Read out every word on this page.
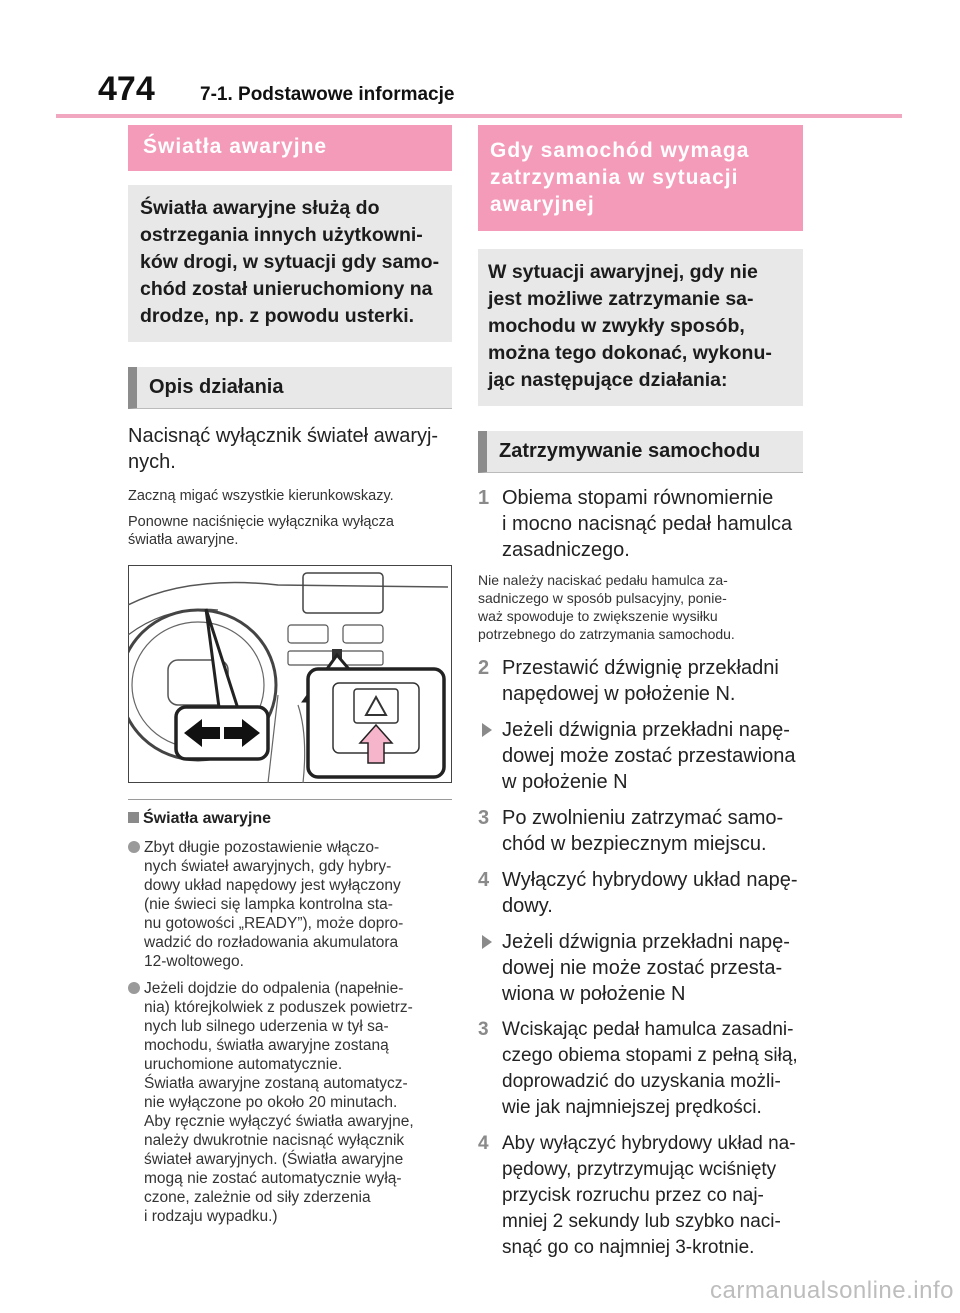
474 7-1. Podstawowe informacje
Światła awaryjne
Światła awaryjne służą do
ostrzegania innych użytkowni-
ków drogi, w sytuacji gdy samo-
chód został unieruchomiony na
drodze, np. z powodu usterki.
Opis działania
Nacisnąć wyłącznik świateł awaryj-
nych.
Zaczną migać wszystkie kierunkowskazy.
Ponowne naciśnięcie wyłącznika wyłącza
światła awaryjne.
Światła awaryjne
Zbyt długie pozostawienie włączo-
nych świateł awaryjnych, gdy hybry-
dowy układ napędowy jest wyłączony
(nie świeci się lampka kontrolna sta-
nu gotowości „READY”), może dopro-
wadzić do rozładowania akumulatora
12-woltowego.
Jeżeli dojdzie do odpalenia (napełnie-
nia) którejkolwiek z poduszek powietrz-
nych lub silnego uderzenia w tył sa-
mochodu, światła awaryjne zostaną
uruchomione automatycznie.
Światła awaryjne zostaną automatycz-
nie wyłączone po około 20 minutach.
Aby ręcznie wyłączyć światła awaryjne,
należy dwukrotnie nacisnąć wyłącznik
świateł awaryjnych. (Światła awaryjne
mogą nie zostać automatycznie wyłą-
czone, zależnie od siły zderzenia
i rodzaju wypadku.)
Gdy samochód wymaga
zatrzymania w sytuacji
awaryjnej
W sytuacji awaryjnej, gdy nie
jest możliwe zatrzymanie sa-
mochodu w zwykły sposób,
można tego dokonać, wykonu-
jąc następujące działania:
Zatrzymywanie samochodu
1 Obiema stopami równomiernie
i mocno nacisnąć pedał hamulca
zasadniczego.
Nie należy naciskać pedału hamulca za-
sadniczego w sposób pulsacyjny, ponie-
waż spowoduje to zwiększenie wysiłku
potrzebnego do zatrzymania samochodu.
2 Przestawić dźwignię przekładni
napędowej w położenie N.
Jeżeli dźwignia przekładni napę-
dowej może zostać przestawiona
w położenie N
3 Po zwolnieniu zatrzymać samo-
chód w bezpiecznym miejscu.
4 Wyłączyć hybrydowy układ napę-
dowy.
Jeżeli dźwignia przekładni napę-
dowej nie może zostać przesta-
wiona w położenie N
3 Wciskając pedał hamulca zasadni-
czego obiema stopami z pełną siłą,
doprowadzić do uzyskania możli-
wie jak najmniejszej prędkości.
4 Aby wyłączyć hybrydowy układ na-
pędowy, przytrzymując wciśnięty
przycisk rozruchu przez co naj-
mniej 2 sekundy lub szybko naci-
snąć go co najmniej 3-krotnie.
carmanualsonline.info
